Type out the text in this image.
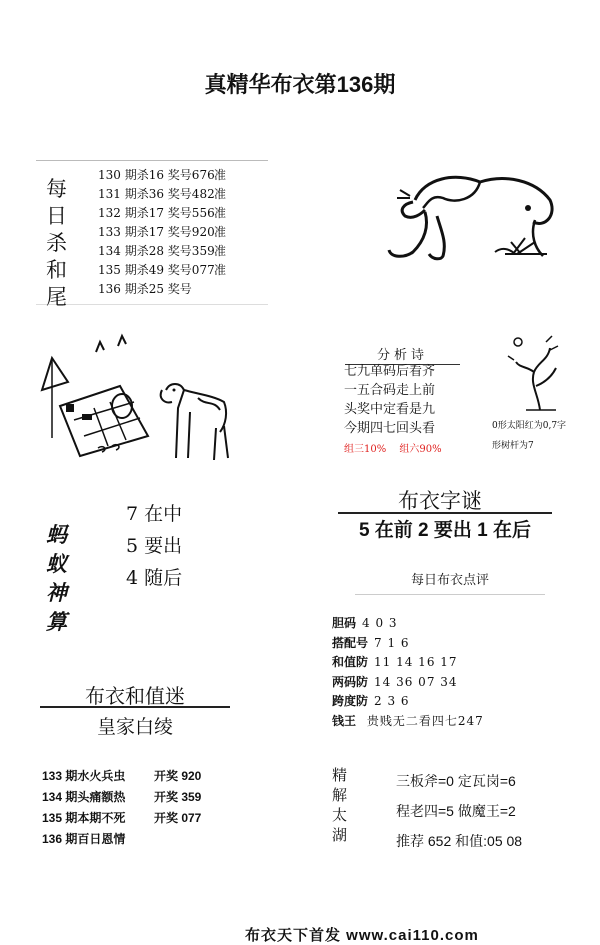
真精华布衣第136期
每
日
杀
和
尾
130 期杀16 奖号676 准
131 期杀36 奖号482 准
132 期杀17 奖号556 准
133 期杀17 奖号920 准
134 期杀28 奖号359 准
135 期杀49 奖号077 准
136 期杀25 奖号
分析诗
七九单码后看齐
一五合码走上前
头奖中定看是九
今期四七回头看
组三10% 组六90%
0形太阳红为0,7字
形树杆为7
蚂
蚁
神
算
7 在中
5 要出
4 随后
布衣字谜
5 在前 2 要出 1 在后
每日布衣点评
胆码 4 0 3
搭配号 7 1 6
和值防 11 14 16 17
两码防 14 36 07 34
跨度防 2 3 6
钱王 贵贱无二看四七247
布衣和值迷
皇家白绫
133 期水火兵虫	开奖 920
134 期头痛额热	开奖 359
135 期本期不死	开奖 077
136 期百日恩情
精
解
太
湖
三板斧=0 定瓦岗=6
程老四=5 做魔王=2
推荐 652 和值:05 08
布衣天下首发 www.cai110.com
